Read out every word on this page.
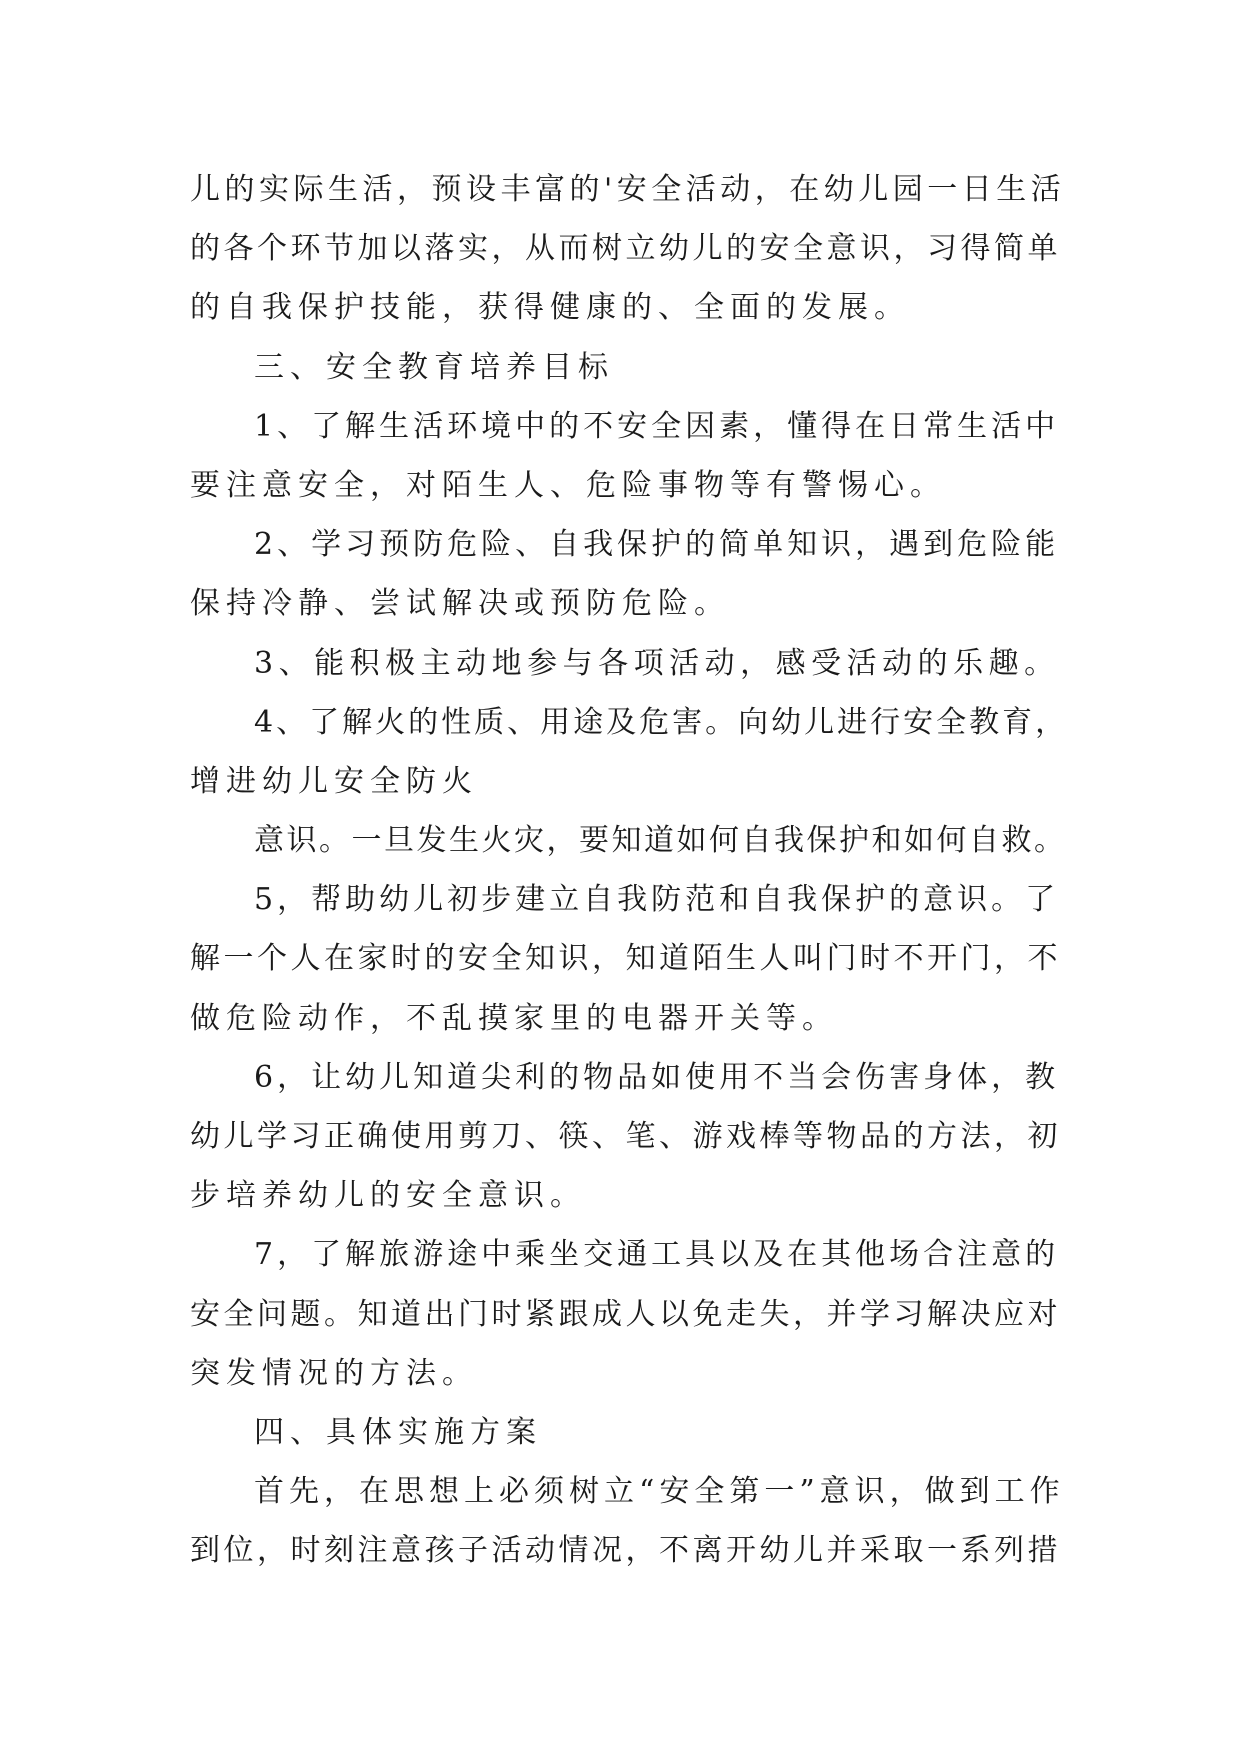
儿的实际生活，预设丰富的'安全活动，在幼儿园一日生活
的各个环节加以落实，从而树立幼儿的安全意识，习得简单
的自我保护技能，获得健康的、全面的发展。
三、安全教育培养目标
1、了解生活环境中的不安全因素，懂得在日常生活中
要注意安全，对陌生人、危险事物等有警惕心。
2、学习预防危险、自我保护的简单知识，遇到危险能
保持冷静、尝试解决或预防危险。
3、能积极主动地参与各项活动，感受活动的乐趣。
4、了解火的性质、用途及危害。向幼儿进行安全教育，
增进幼儿安全防火
意识。一旦发生火灾，要知道如何自我保护和如何自救。
5，帮助幼儿初步建立自我防范和自我保护的意识。了
解一个人在家时的安全知识，知道陌生人叫门时不开门，不
做危险动作，不乱摸家里的电器开关等。
6，让幼儿知道尖利的物品如使用不当会伤害身体，教
幼儿学习正确使用剪刀、筷、笔、游戏棒等物品的方法，初
步培养幼儿的安全意识。
7，了解旅游途中乘坐交通工具以及在其他场合注意的
安全问题。知道出门时紧跟成人以免走失，并学习解决应对
突发情况的方法。
四、具体实施方案
首先，在思想上必须树立“安全第一”意识，做到工作
到位，时刻注意孩子活动情况，不离开幼儿并采取一系列措
